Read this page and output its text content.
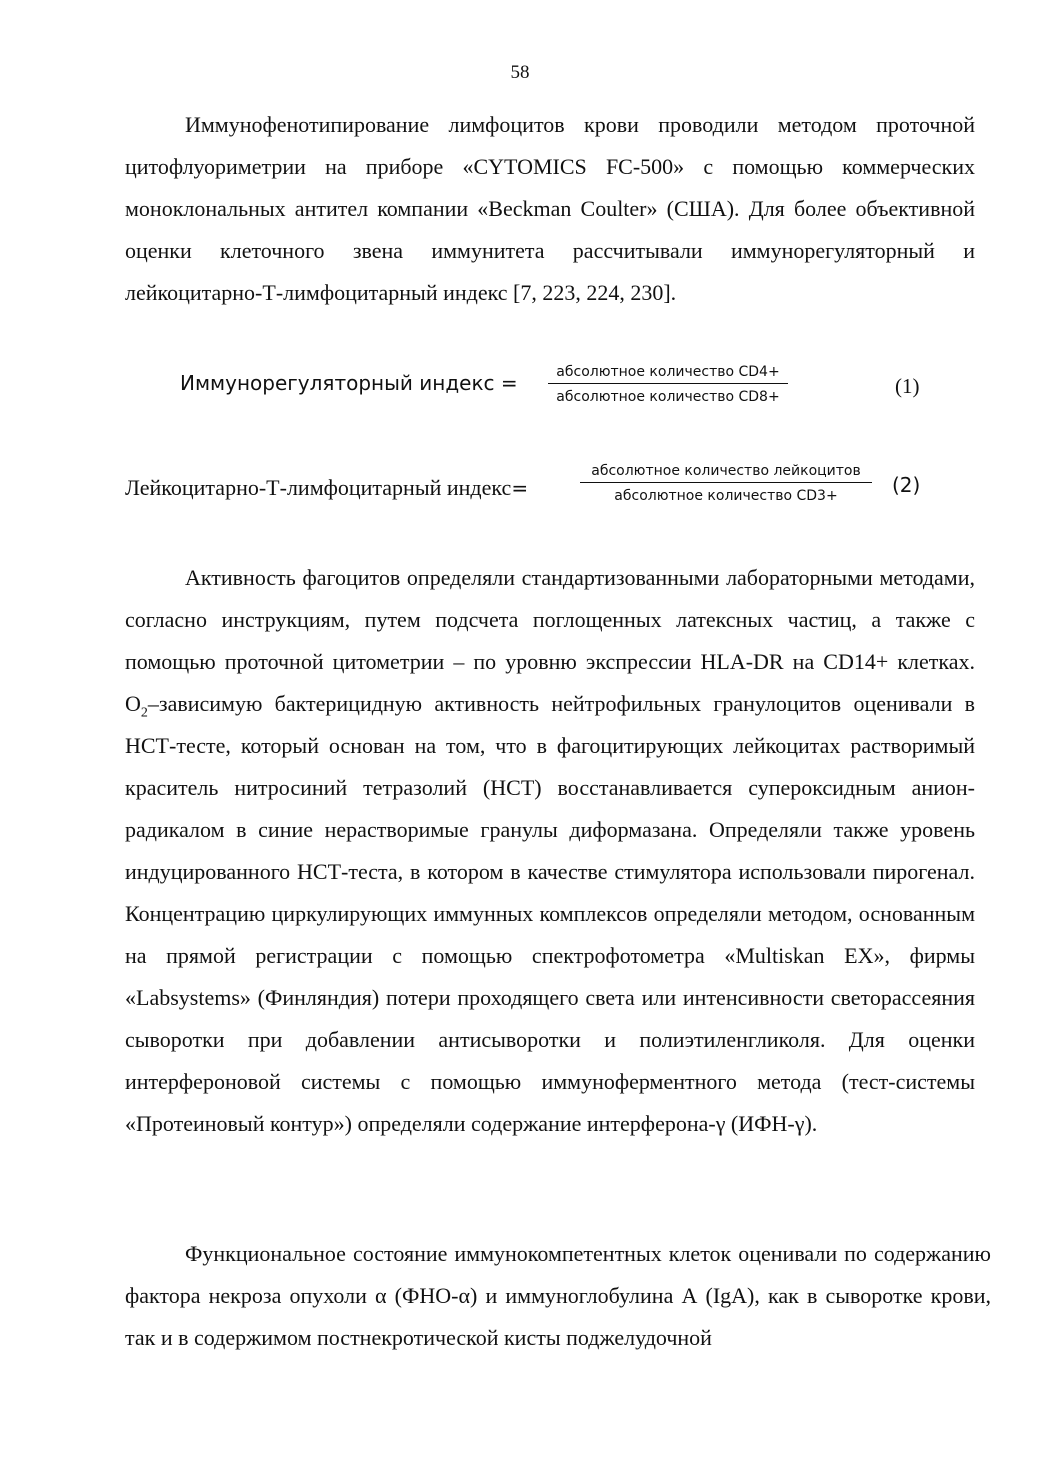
58

Иммунофенотипирование лимфоцитов крови проводили методом проточной цитофлуориметрии на приборе «CYTOMICS FC-500» с помощью коммерческих моноклональных антител компании «Beckman Coulter» (США). Для более объективной оценки клеточного звена иммунитета рассчитывали иммунорегуляторный и лейкоцитарно-Т-лимфоцитарный индекс [7, 223, 224, 230].

Иммунорегуляторный индекс =	абсолютное количество CD4+
абсолютное количество CD8+	(1)
Лейкоцитарно-Т-лимфоцитарный индекс=
абсолютное количество лейкоцитов
абсолютное количество CD3+	(2)

Активность фагоцитов определяли стандартизованными лабораторными методами, согласно инструкциям, путем подсчета поглощенных латексных частиц, а также с помощью проточной цитометрии – по уровню экспрессии HLA-DR на CD14+ клетках. $O_2$–зависимую бактерицидную активность нейтрофильных гранулоцитов оценивали в НСТ-тесте, который основан на том, что в фагоцитирующих лейкоцитах растворимый краситель нитросиний тетразолий (НСТ) восстанавливается супероксидным анион-радикалом в синие нерастворимые гранулы диформазана. Определяли также уровень индуцированного НСТ-теста, в котором в качестве стимулятора использовали пирогенал. Концентрацию циркулирующих иммунных комплексов определяли методом, основанным на прямой регистрации с помощью спектрофотометра «Multiskan EX», фирмы «Labsystems» (Финляндия) потери проходящего света или интенсивности светорассеяния сыворотки при добавлении антисыворотки и полиэтиленгликоля. Для оценки интерфероновой системы с помощью иммуноферментного метода (тест-системы «Протеиновый контур») определяли содержание интерферона-γ (ИФН-γ).

Функциональное состояние иммунокомпетентных клеток оценивали по содержанию фактора некроза опухоли α (ФНО-α) и иммуноглобулина А (IgA), как в сыворотке крови, так и в содержимом постнекротической кисты поджелудочной
